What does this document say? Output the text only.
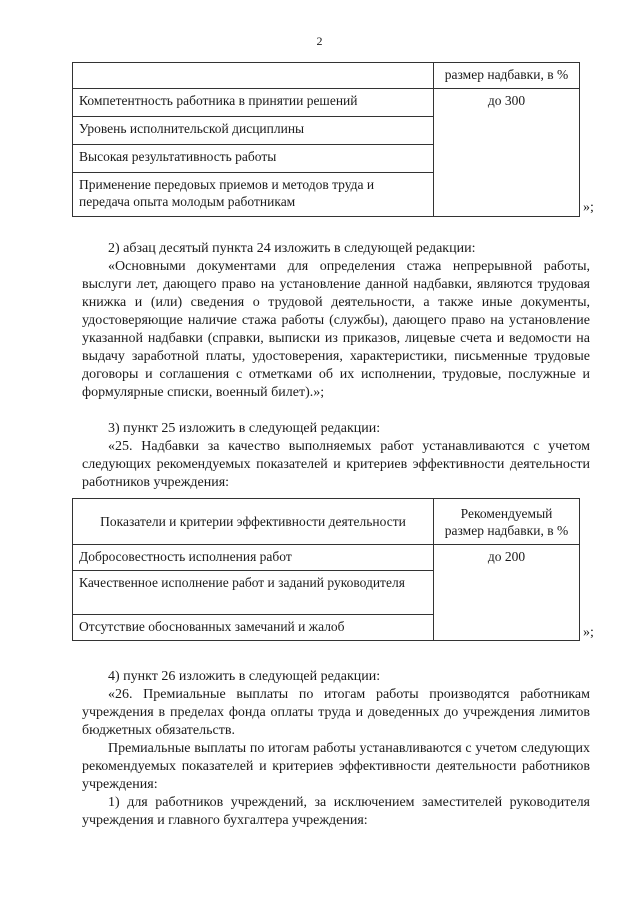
2
	размер надбавки, в %
Компетентность работника в принятии решений	до 300
Уровень исполнительской дисциплины	
Высокая результативность работы	
Применение передовых приемов и методов труда и передача опыта молодым работникам		»;

2) абзац десятый пункта 24 изложить в следующей редакции:

«Основными документами для определения стажа непрерывной работы, выслуги лет, дающего право на установление данной надбавки, являются трудовая книжка и (или) сведения о трудовой деятельности, а также иные документы, удостоверяющие наличие стажа работы (службы), дающего право на установление указанной надбавки (справки, выписки из приказов, лицевые счета и ведомости на выдачу заработной платы, удостоверения, характеристики, письменные трудовые договоры и соглашения с отметками об их исполнении, трудовые, послужные и формулярные списки, военный билет).»;

3) пункт 25 изложить в следующей редакции:

«25. Надбавки за качество выполняемых работ устанавливаются с учетом следующих рекомендуемых показателей и критериев эффективности деятельности работников учреждения:

Показатели и критерии эффективности деятельности	Рекомендуемый размер надбавки, в %
Добросовестность исполнения работ	до 200
Качественное исполнение работ и заданий руководителя	
Отсутствие обоснованных замечаний и жалоб		»;

4) пункт 26 изложить в следующей редакции:

«26. Премиальные выплаты по итогам работы производятся работникам учреждения в пределах фонда оплаты труда и доведенных до учреждения лимитов бюджетных обязательств.

Премиальные выплаты по итогам работы устанавливаются с учетом следующих рекомендуемых показателей и критериев эффективности деятельности работников учреждения:

1) для работников учреждений, за исключением заместителей руководителя учреждения и главного бухгалтера учреждения:
